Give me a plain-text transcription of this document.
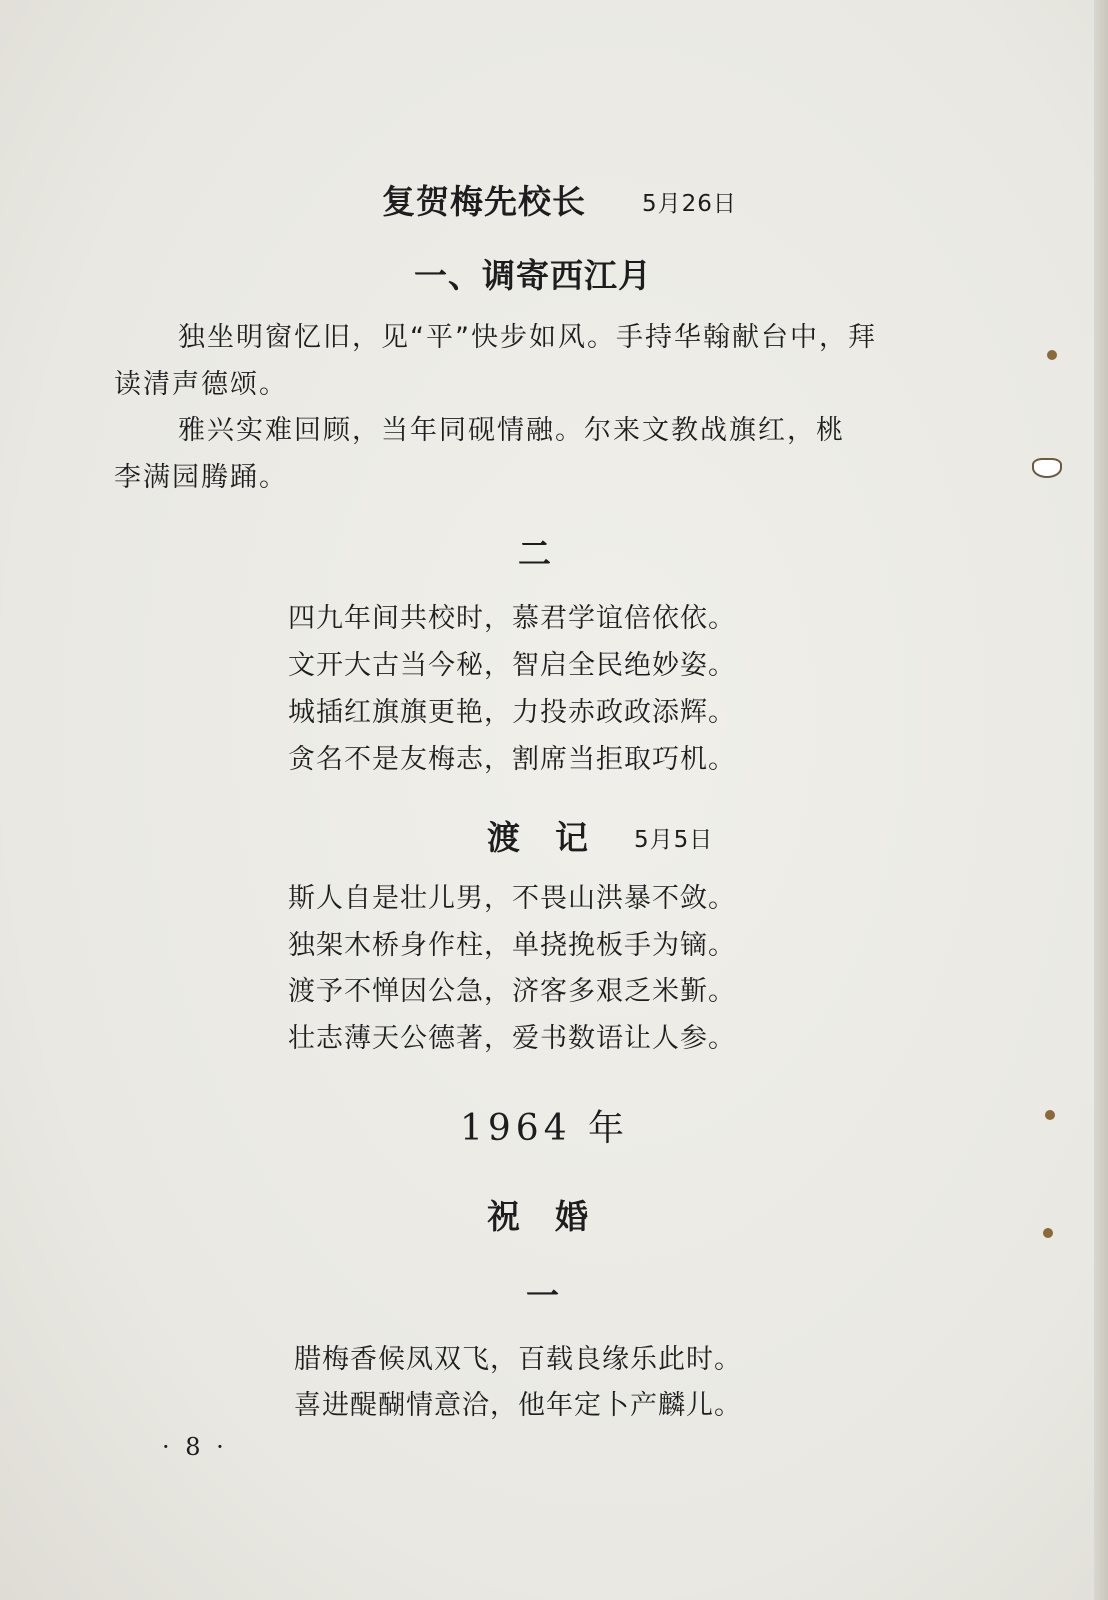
复贺梅先校长 5月26日
一、调寄西江月
独坐明窗忆旧，见“平”快步如风。手持华翰献台中，拜
读清声德颂。
雅兴实难回顾，当年同砚情融。尔来文教战旗红，桃
李满园腾踊。
二
四九年间共校时，慕君学谊倍依依。
文开大古当今秘，智启全民绝妙姿。
城插红旗旗更艳，力投赤政政添辉。
贪名不是友梅志，割席当拒取巧机。
渡　记 5月5日
斯人自是壮儿男，不畏山洪暴不敛。
独架木桥身作柱，单挠挽板手为镝。
渡予不惮因公急，济客多艰乏米斳。
壮志薄天公德著，爱书数语让人参。
1964 年
祝　婚
一
腊梅香候凤双飞，百载良缘乐此时。
喜进醍醐情意洽，他年定卜产麟儿。
· 8 ·
